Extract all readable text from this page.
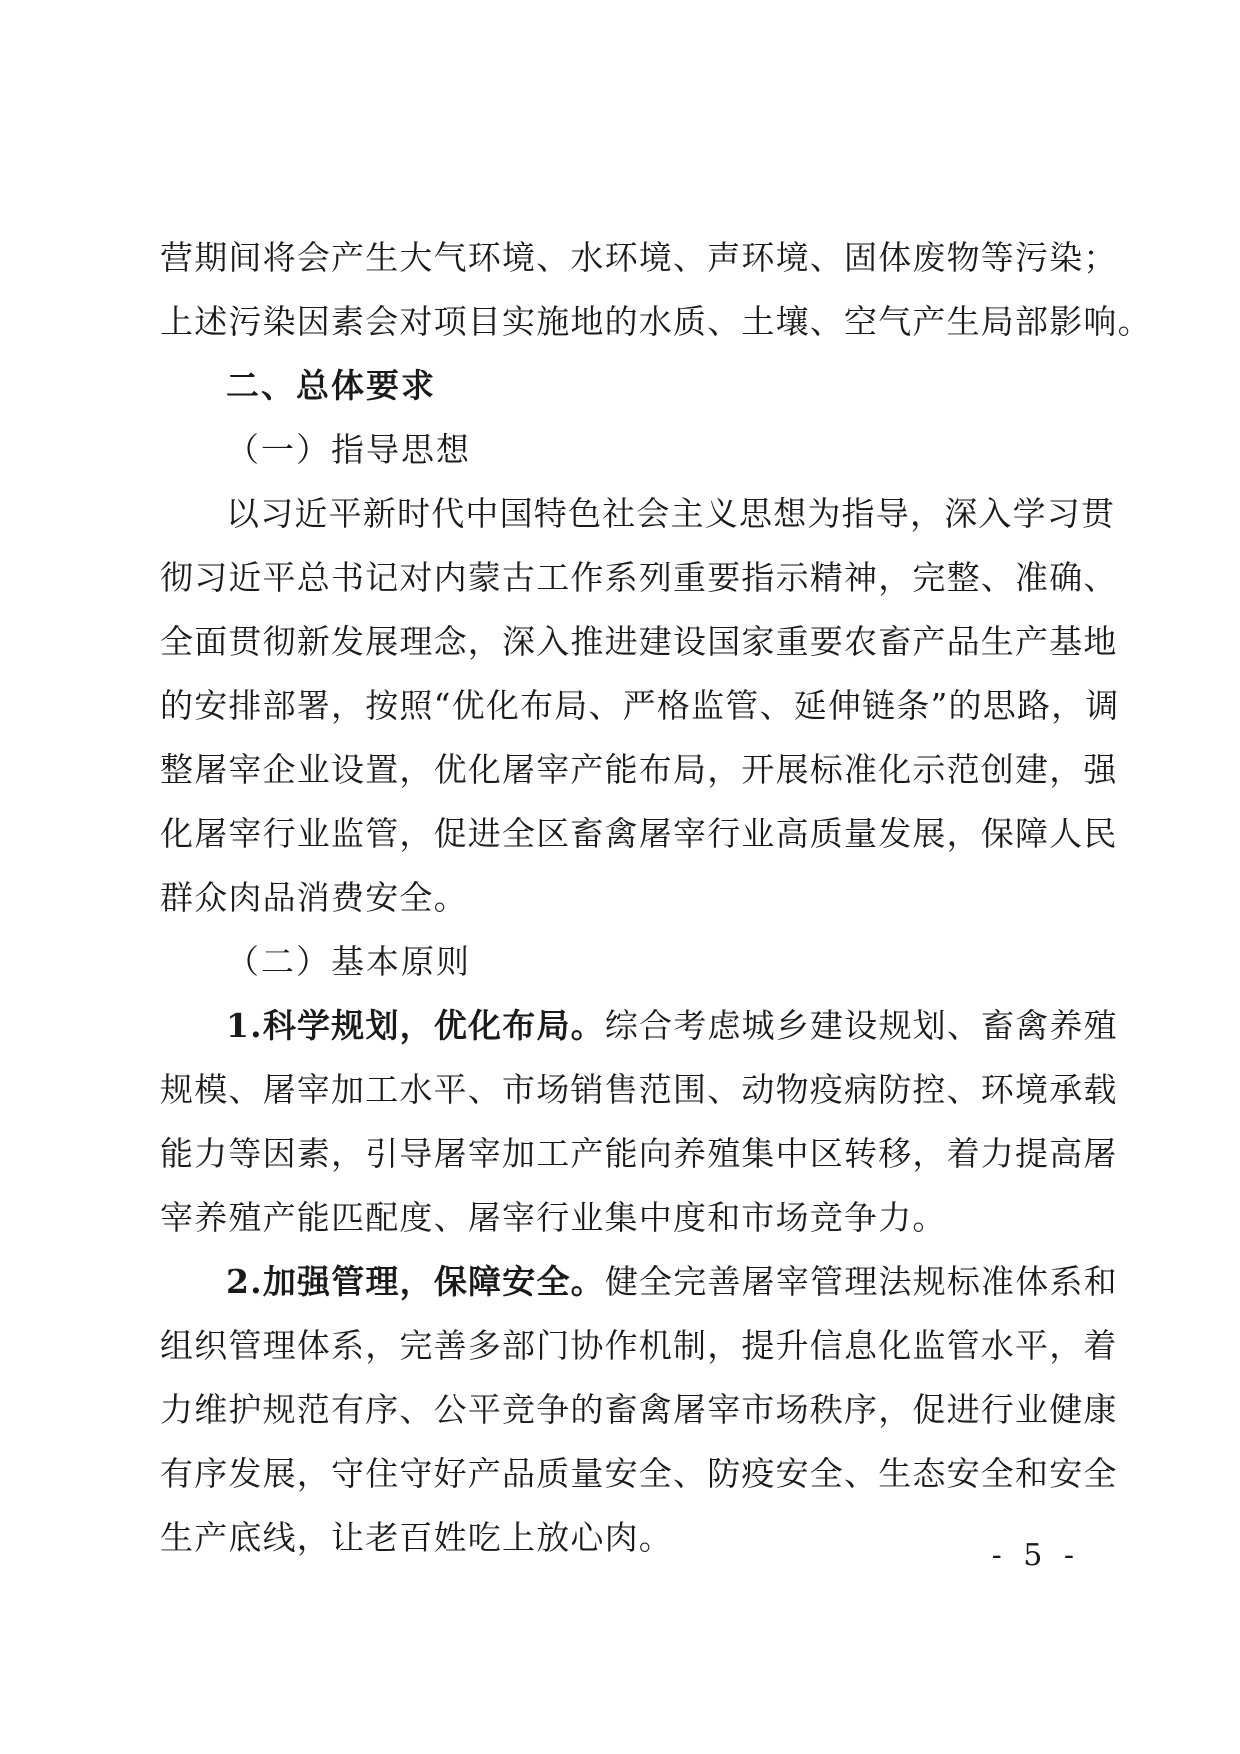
营期间将会产生大气环境、水环境、声环境、固体废物等污染；
上述污染因素会对项目实施地的水质、土壤、空气产生局部影响。
二、总体要求
（一）指导思想
以习近平新时代中国特色社会主义思想为指导，深入学习贯
彻习近平总书记对内蒙古工作系列重要指示精神，完整、准确、
全面贯彻新发展理念，深入推进建设国家重要农畜产品生产基地
的安排部署，按照“优化布局、严格监管、延伸链条”的思路，调
整屠宰企业设置，优化屠宰产能布局，开展标准化示范创建，强
化屠宰行业监管，促进全区畜禽屠宰行业高质量发展，保障人民
群众肉品消费安全。
（二）基本原则
1.科学规划，优化布局。综合考虑城乡建设规划、畜禽养殖
规模、屠宰加工水平、市场销售范围、动物疫病防控、环境承载
能力等因素，引导屠宰加工产能向养殖集中区转移，着力提高屠
宰养殖产能匹配度、屠宰行业集中度和市场竞争力。
2.加强管理，保障安全。健全完善屠宰管理法规标准体系和
组织管理体系，完善多部门协作机制，提升信息化监管水平，着
力维护规范有序、公平竞争的畜禽屠宰市场秩序，促进行业健康
有序发展，守住守好产品质量安全、防疫安全、生态安全和安全
生产底线，让老百姓吃上放心肉。	- 5 -
